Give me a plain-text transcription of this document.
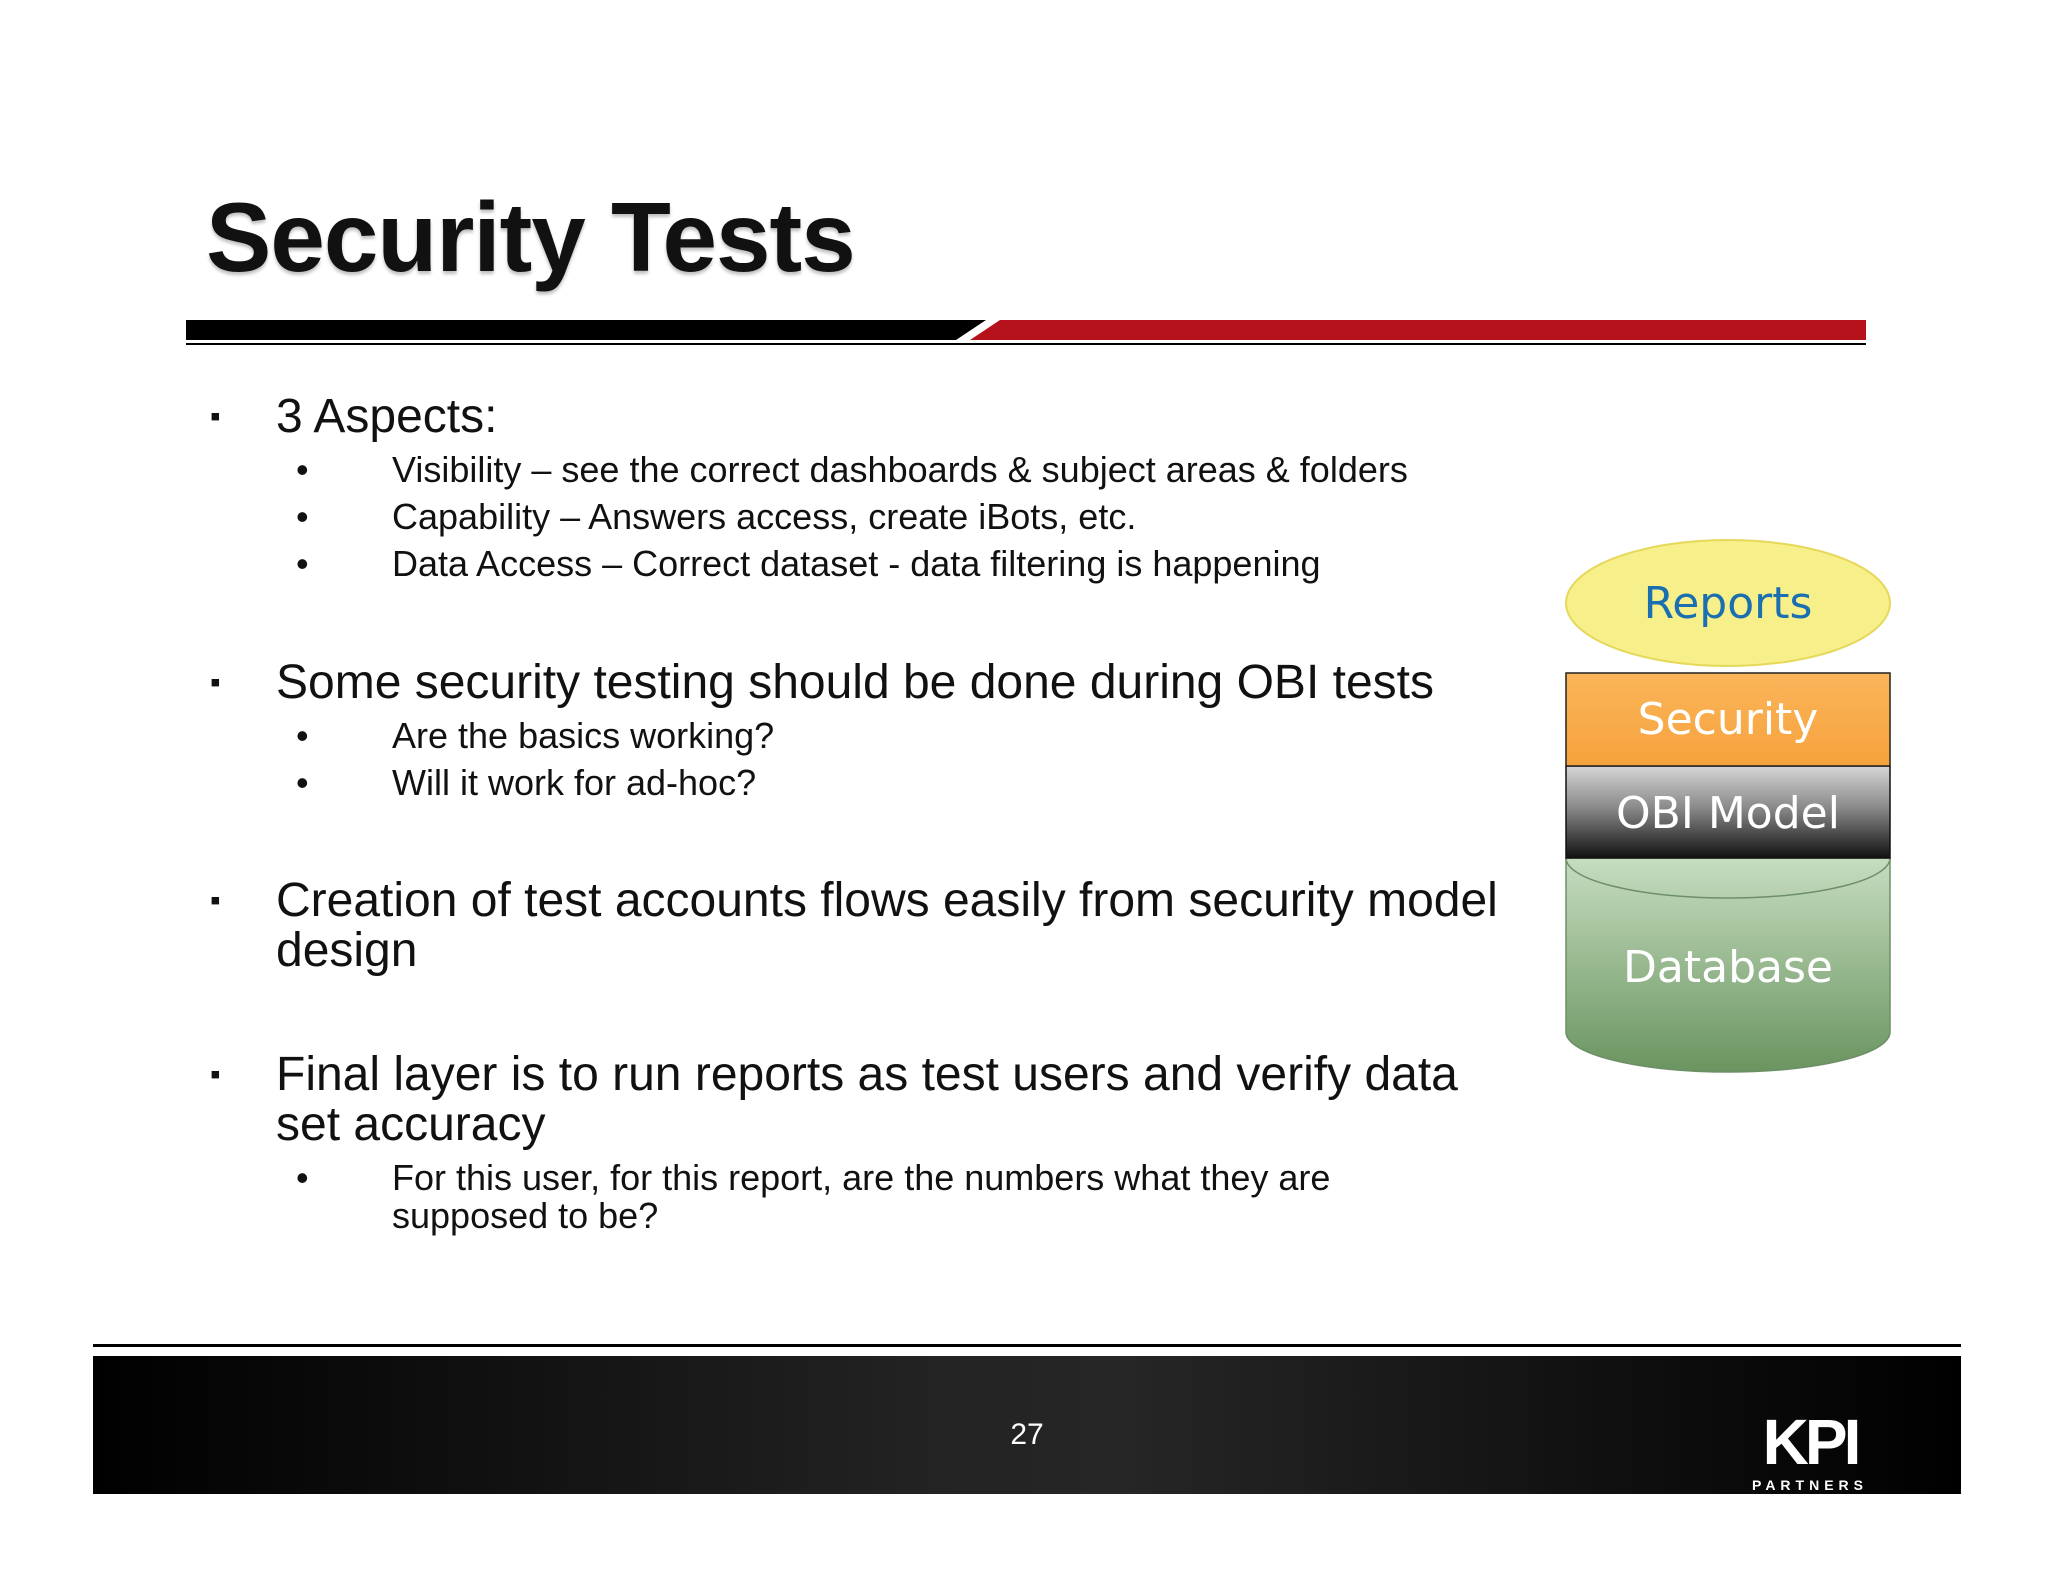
Security Tests
▪ 3 Aspects:
• Visibility – see the correct dashboards & subject areas & folders
• Capability – Answers access, create iBots, etc.
• Data Access – Correct dataset - data filtering is happening
▪ Some security testing should be done during OBI tests
• Are the basics working?
• Will it work for ad-hoc?
▪ Creation of test accounts flows easily from security model design
▪ Final layer is to run reports as test users and verify data set accuracy
• For this user, for this report, are the numbers what they are supposed to be?
Reports
Security
OBI Model
Database
27	KPI
PARTNERS
